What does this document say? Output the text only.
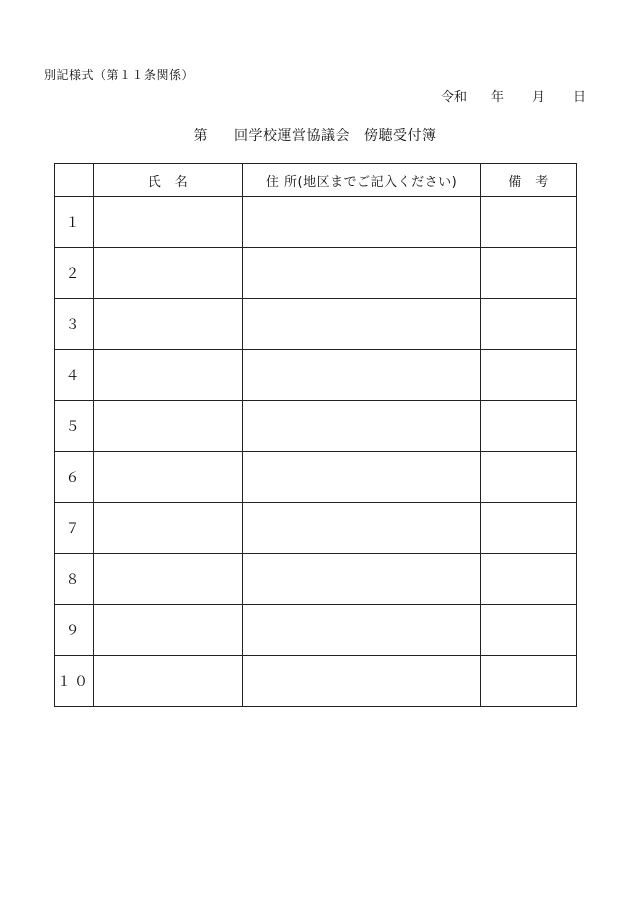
別記様式（第１１条関係）
令和 年 月 日
第 回学校運営協議会 傍聴受付簿
	氏　名	住 所(地区までご記入ください)	備　考
１			
２			
３			
４			
５			
６			
７			
８			
９			
１０			
